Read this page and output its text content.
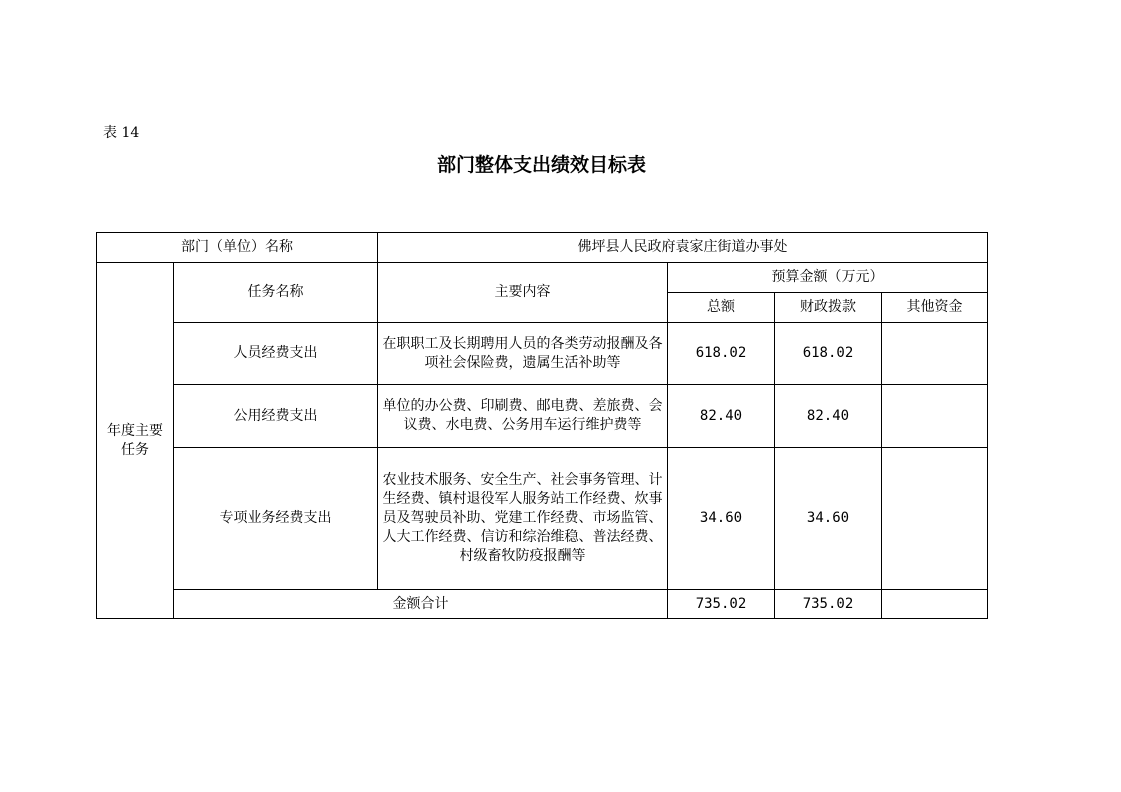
表 14
部门整体支出绩效目标表
部门（单位）名称		佛坪县人民政府袁家庄街道办事处			
年度主要任务	任务名称	主要内容	预算金额（万元）		
			总额	财政拨款	其他资金
	人员经费支出	在职职工及长期聘用人员的各类劳动报酬及各项社会保险费，遗属生活补助等	618.02	618.02	
	公用经费支出	单位的办公费、印刷费、邮电费、差旅费、会议费、水电费、公务用车运行维护费等	82.40	82.40	
	专项业务经费支出	农业技术服务、安全生产、社会事务管理、计生经费、镇村退役军人服务站工作经费、炊事员及驾驶员补助、党建工作经费、市场监管、人大工作经费、信访和综治维稳、普法经费、村级畜牧防疫报酬等	34.60	34.60	
	金额合计		735.02	735.02	
